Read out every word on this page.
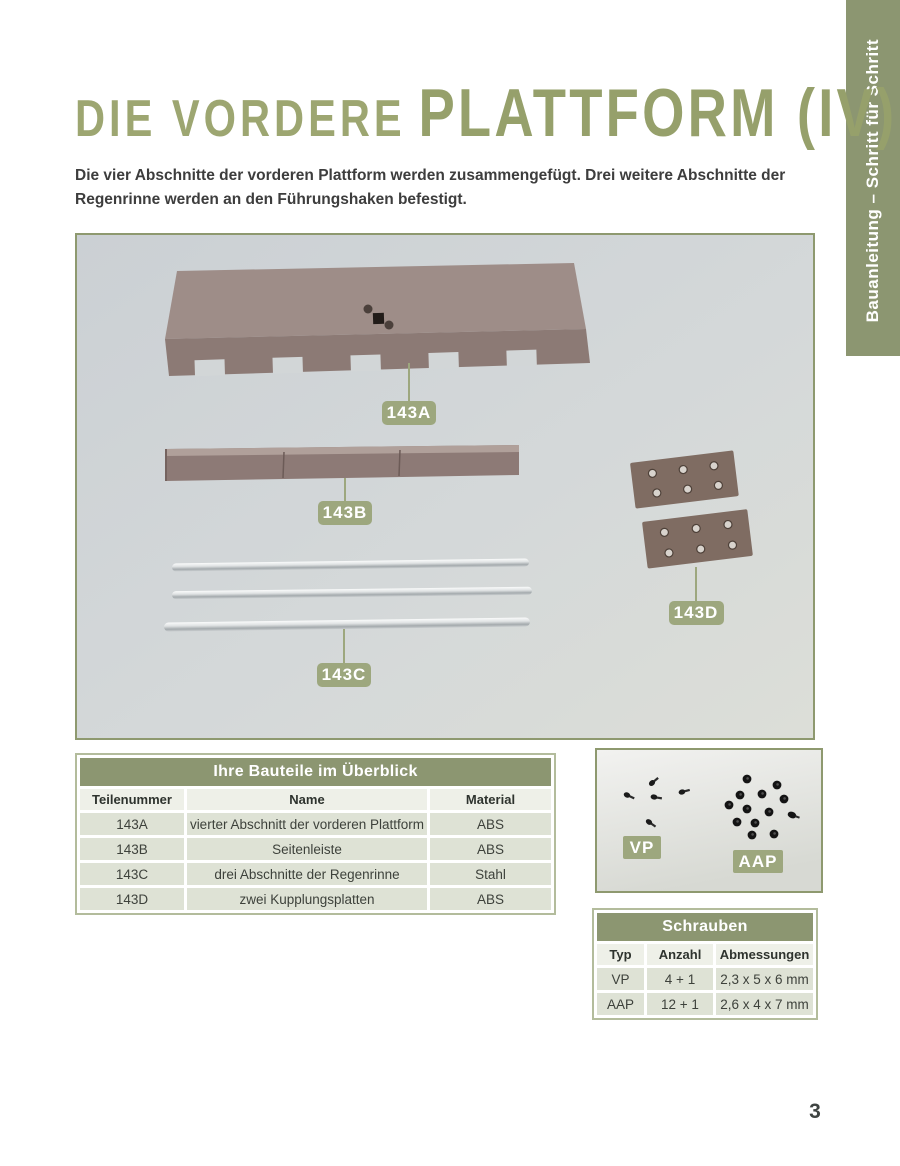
Bauanleitung – Schritt für Schritt
DIE VORDERE PLATTFORM (IV)

Die vier Abschnitte der vorderen Plattform werden zusammengefügt. Drei weitere Abschnitte der Regenrinne werden an den Führungshaken befestigt.

143A
143B
143C
143D
VP
AAP
Ihre Bauteile im Überblick		
Teilenummer	Name	Material
143A	vierter Abschnitt der vorderen Plattform	ABS
143B	Seitenleiste	ABS
143C	drei Abschnitte der Regenrinne	Stahl
143D	zwei Kupplungsplatten	ABS
Schrauben		
Typ	Anzahl	Abmessungen
VP	4 + 1	2,3 x 5 x 6 mm
AAP	12 + 1	2,6 x 4 x 7 mm
3
